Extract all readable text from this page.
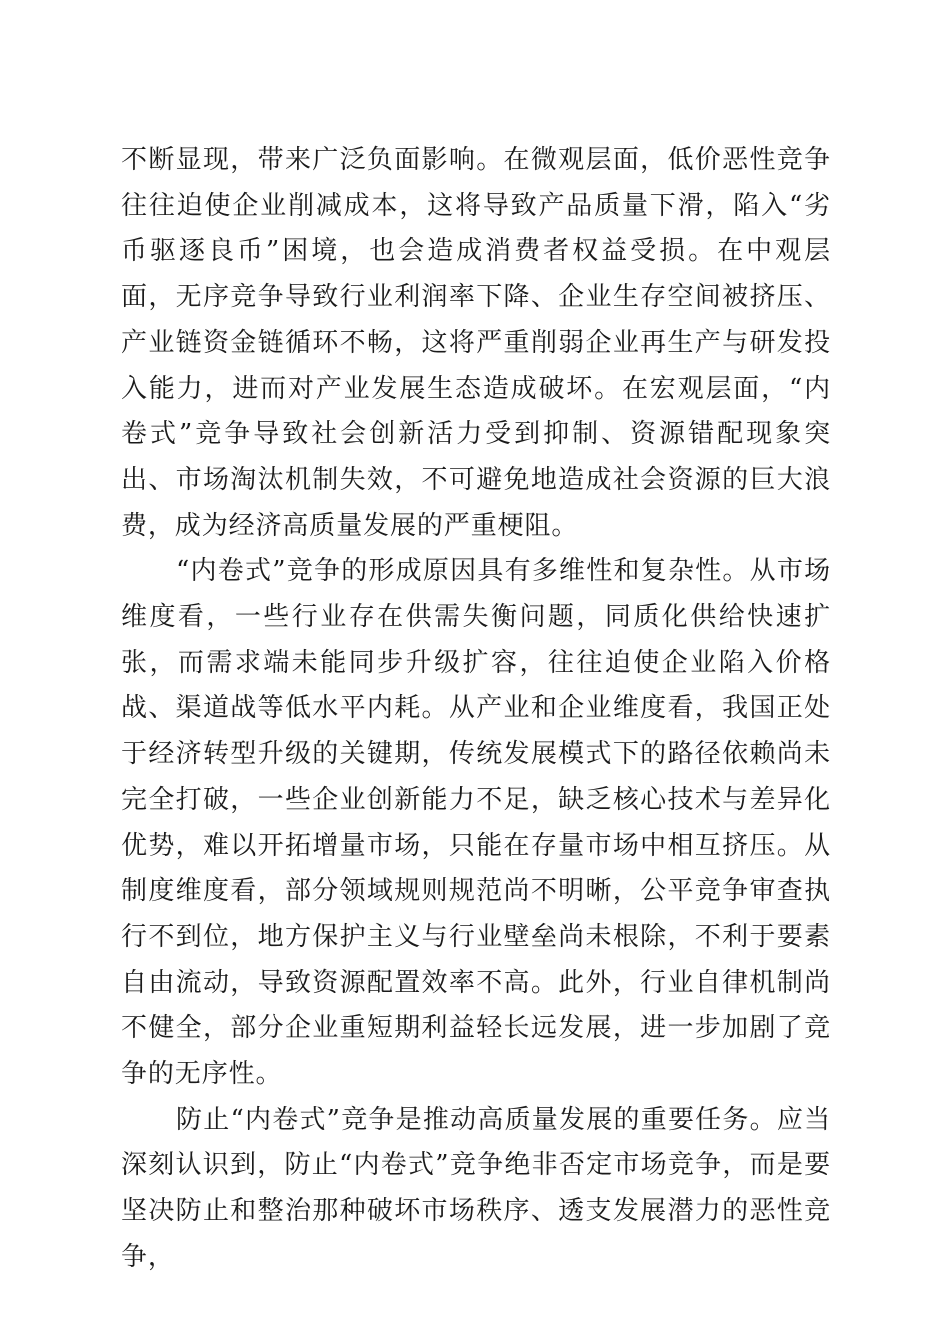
不断显现，带来广泛负面影响。在微观层面，低价恶性竞争往往迫使企业削减成本，这将导致产品质量下滑，陷入“劣币驱逐良币”困境，也会造成消费者权益受损。在中观层面，无序竞争导致行业利润率下降、企业生存空间被挤压、产业链资金链循环不畅，这将严重削弱企业再生产与研发投入能力，进而对产业发展生态造成破坏。在宏观层面，“内卷式”竞争导致社会创新活力受到抑制、资源错配现象突出、市场淘汰机制失效，不可避免地造成社会资源的巨大浪费，成为经济高质量发展的严重梗阻。

“内卷式”竞争的形成原因具有多维性和复杂性。从市场维度看，一些行业存在供需失衡问题，同质化供给快速扩张，而需求端未能同步升级扩容，往往迫使企业陷入价格战、渠道战等低水平内耗。从产业和企业维度看，我国正处于经济转型升级的关键期，传统发展模式下的路径依赖尚未完全打破，一些企业创新能力不足，缺乏核心技术与差异化优势，难以开拓增量市场，只能在存量市场中相互挤压。从制度维度看，部分领域规则规范尚不明晰，公平竞争审查执行不到位，地方保护主义与行业壁垒尚未根除，不利于要素自由流动，导致资源配置效率不高。此外，行业自律机制尚不健全，部分企业重短期利益轻长远发展，进一步加剧了竞争的无序性。

防止“内卷式”竞争是推动高质量发展的重要任务。应当深刻认识到，防止“内卷式”竞争绝非否定市场竞争，而是要坚决防止和整治那种破坏市场秩序、透支发展潜力的恶性竞争，
